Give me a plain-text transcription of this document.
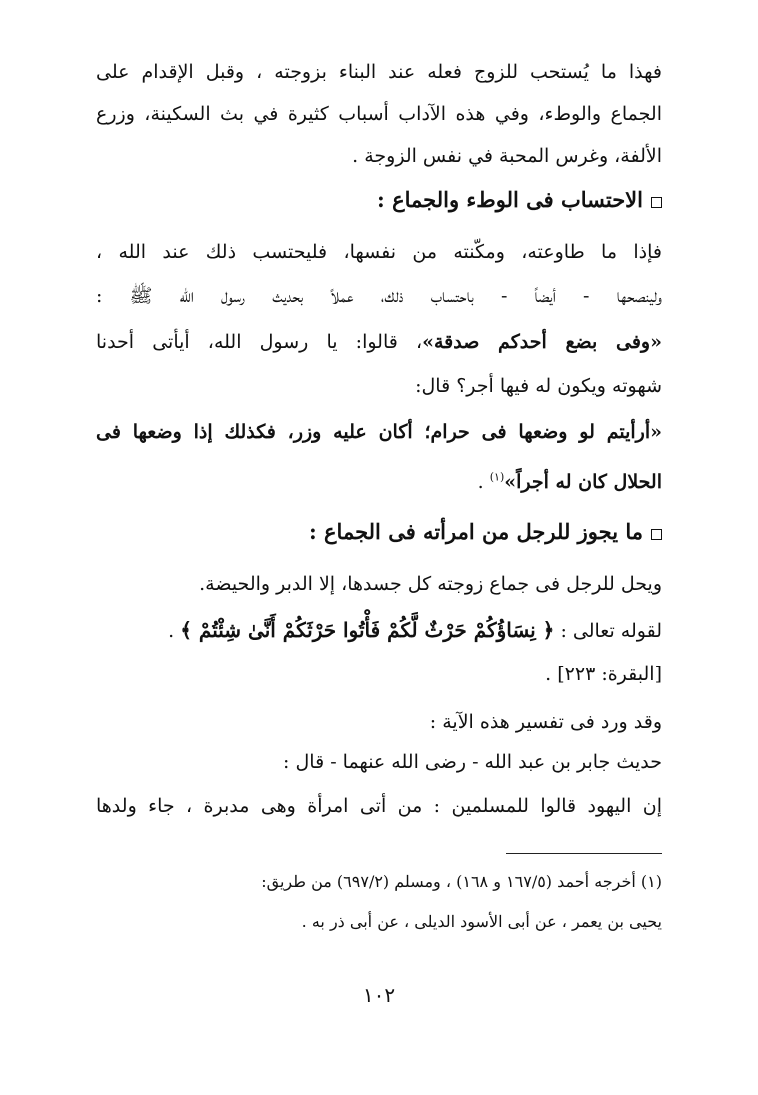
فهذا ما يُستحب للزوج فعله عند البناء بزوجته ، وقبل الإقدام على
الجماع والوطء، وفي هذه الآداب أسباب كثيرة في بث السكينة، وزرع
الألفة، وغرس المحبة في نفس الزوجة .
الاحتساب فى الوطء والجماع :
فإذا ما طاوعته، ومكّنته من نفسها، فليحتسب ذلك عند الله ،
ولينصحها - أيضاً - باحتساب ذلك، عملاً بحديث رسول الله ﷺ :
«وفى بضع أحدكم صدقة»، قالوا: يا رسول الله، أيأتى أحدنا
شهوته ويكون له فيها أجر؟ قال:
«أرأيتم لو وضعها فى حرام؛ أكان عليه وزر، فكذلك إذا وضعها فى
الحلال كان له أجراً»$^{(١)}$ .
ما يجوز للرجل من امرأته فى الجماع :
ويحل للرجل فى جماع زوجته كل جسدها، إلا الدبر والحيضة.
لقوله تعالى : ﴿ نِسَاؤُكُمْ حَرْثٌ لَّكُمْ فَأْتُوا حَرْثَكُمْ أَنَّىٰ شِئْتُمْ ﴾ .
[البقرة: ٢٢٣] .
وقد ورد فى تفسير هذه الآية :
حديث جابر بن عبد الله - رضى الله عنهما - قال :
إن اليهود قالوا للمسلمين : من أتى امرأة وهى مدبرة ، جاء ولدها
(١) أخرجه أحمد (١٦٧/٥ و ١٦٨) ، ومسلم (٦٩٧/٢) من طريق:
يحيى بن يعمر ، عن أبى الأسود الديلى ، عن أبى ذر به .
١٠٢
